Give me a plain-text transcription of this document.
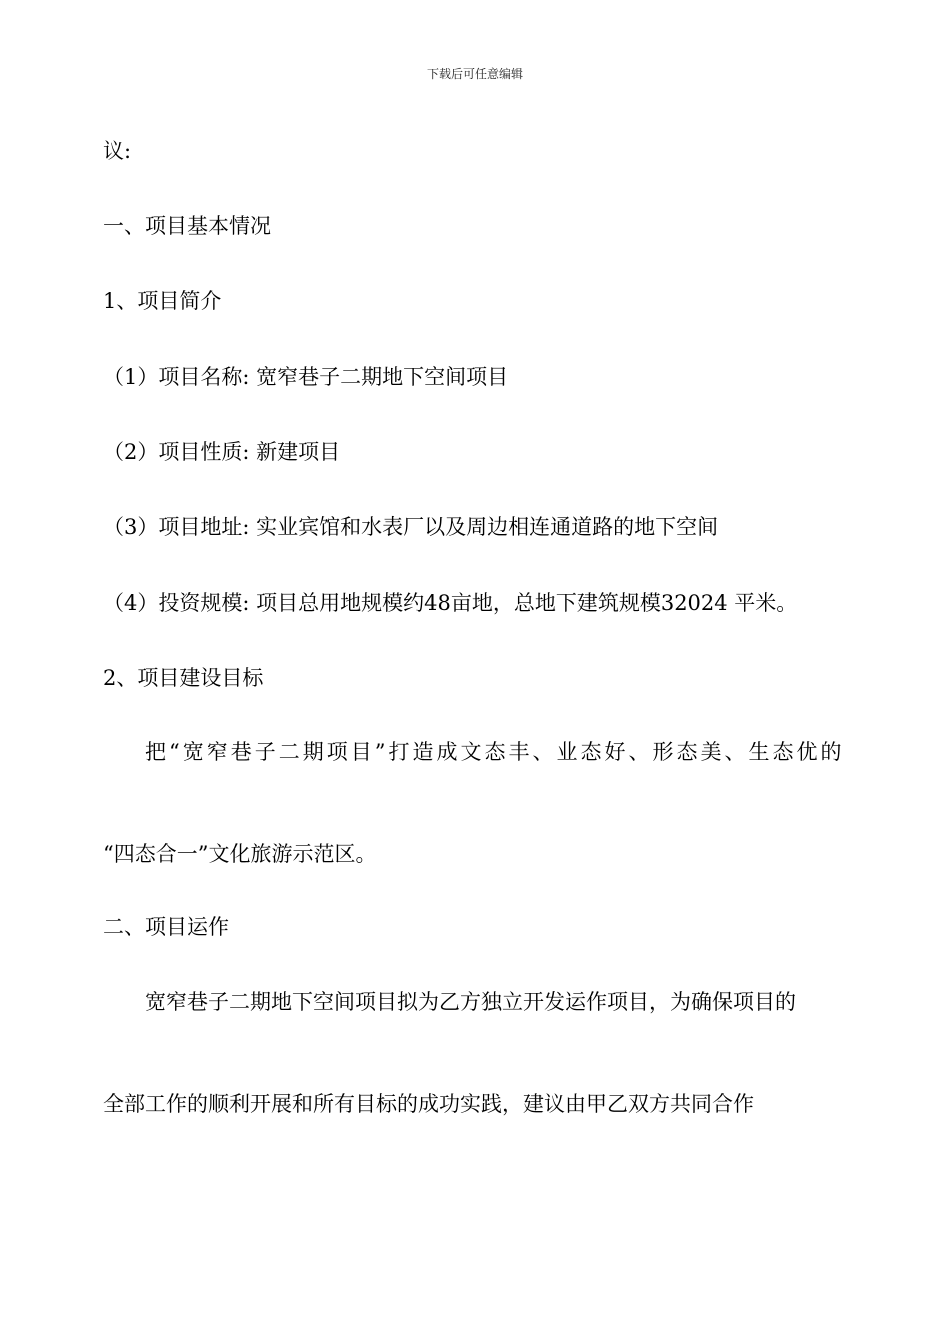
下载后可任意编辑
议:
一、项目基本情况
1、项目简介
（1）项目名称: 宽窄巷子二期地下空间项目
（2）项目性质: 新建项目
（3）项目地址: 实业宾馆和水表厂以及周边相连通道路的地下空间
（4）投资规模: 项目总用地规模约48亩地，总地下建筑规模32024 平米。
2、项目建设目标
把“宽窄巷子二期项目”打造成文态丰、业态好、形态美、生态优的
“四态合一”文化旅游示范区。
二、项目运作
宽窄巷子二期地下空间项目拟为乙方独立开发运作项目，为确保项目的
全部工作的顺利开展和所有目标的成功实践，建议由甲乙双方共同合作
